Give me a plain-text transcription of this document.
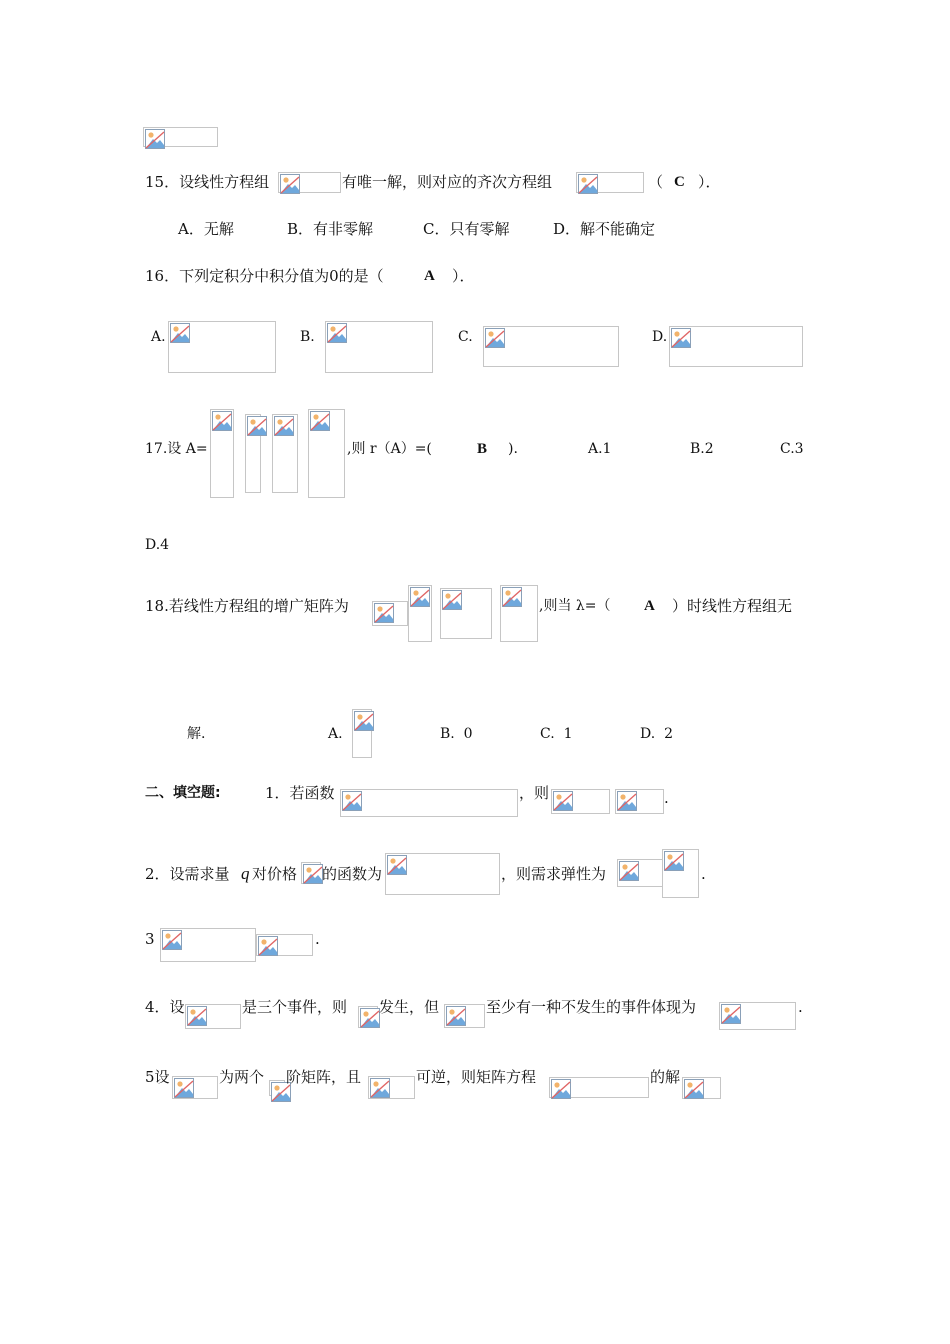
15．设线性方程组	有唯一解，则对应的齐次方程组	（ C ）．
A．无解	B．有非零解	C．只有零解	D．解不能确定
16．下列定积分中积分值为0的是（	A ）．
A.	B.	C.	D.
17.设 A=	,则 r（A）=(	B ).	A.1	B.2	C.3
D.4
18.若线性方程组的增广矩阵为	,则当 λ=（ A ）时线性方程组无
解.	A.	B.  0	C.  1	D.  2
二、填空题:	1．若函数	，则	.
2．设需求量 q 对价格 的函数为	，则需求弹性为	.
3	.
4．设	是三个事件，则 发生，但	至少有一种不发生的事件体现为	.
5设	为两个 阶矩阵，且	可逆，则矩阵方程	的解
